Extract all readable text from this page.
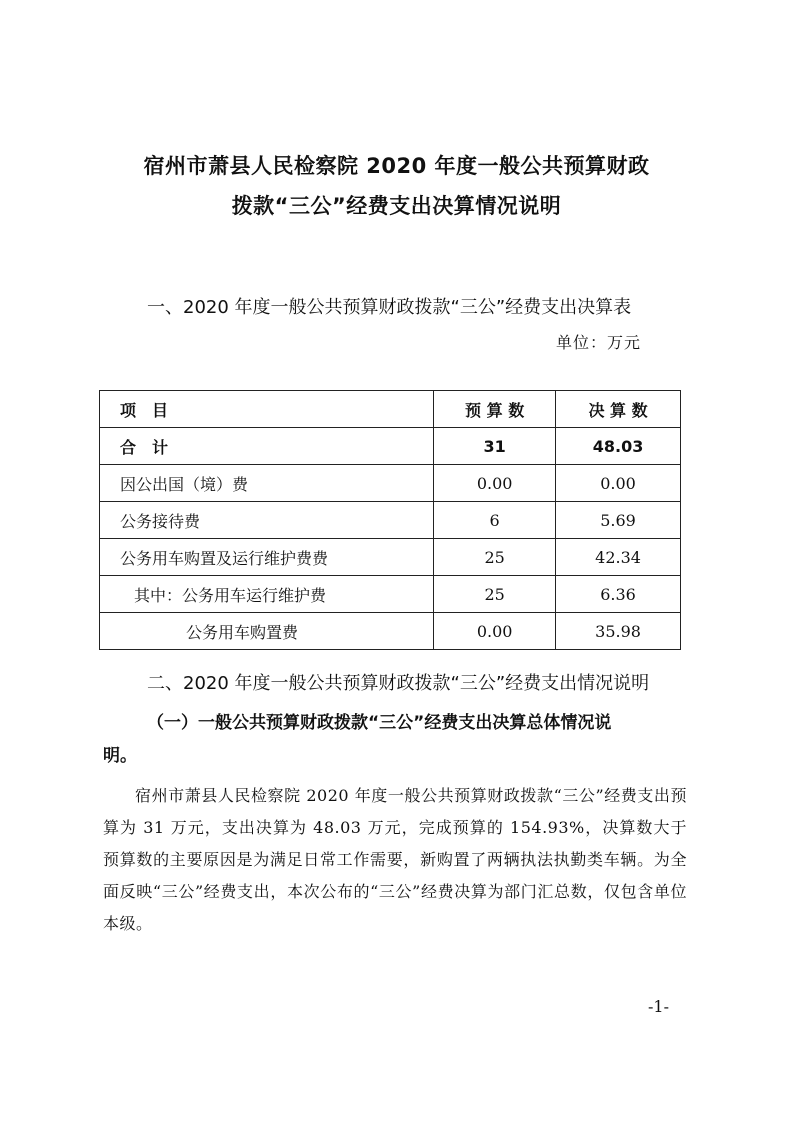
宿州市萧县人民检察院 2020 年度一般公共预算财政
拨款“三公”经费支出决算情况说明
一、2020 年度一般公共预算财政拨款“三公”经费支出决算表
单位：万元
项　目	预 算 数	决 算 数
合　计	31	48.03
因公出国（境）费	0.00	0.00
公务接待费	6	5.69
公务用车购置及运行维护费费	25	42.34
其中：公务用车运行维护费	25	6.36
公务用车购置费	0.00	35.98
二、2020 年度一般公共预算财政拨款“三公”经费支出情况说明
（一）一般公共预算财政拨款“三公”经费支出决算总体情况说
明。
宿州市萧县人民检察院 2020 年度一般公共预算财政拨款“三公”经费支出预算为 31 万元，支出决算为 48.03 万元，完成预算的 154.93%，决算数大于预算数的主要原因是为满足日常工作需要，新购置了两辆执法执勤类车辆。为全面反映“三公”经费支出，本次公布的“三公”经费决算为部门汇总数，仅包含单位本级。
-1-
